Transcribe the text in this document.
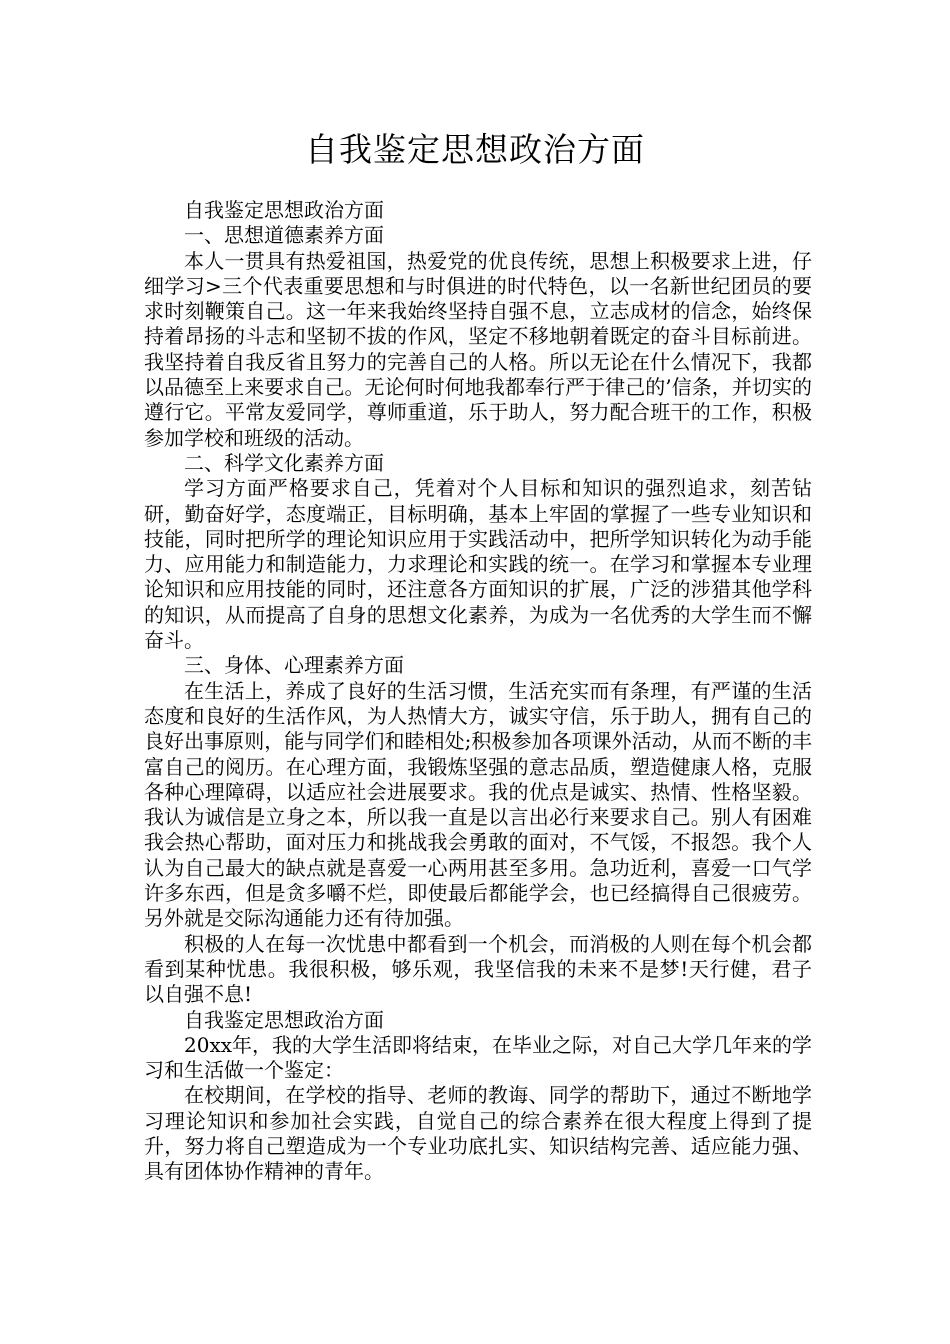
自我鉴定思想政治方面

自我鉴定思想政治方面

一、思想道德素养方面

本人一贯具有热爱祖国，热爱党的优良传统，思想上积极要求上进，仔细学习>三个代表重要思想和与时俱进的时代特色，以一名新世纪团员的要求时刻鞭策自己。这一年来我始终坚持自强不息，立志成材的信念，始终保持着昂扬的斗志和坚韧不拔的作风，坚定不移地朝着既定的奋斗目标前进。我坚持着自我反省且努力的完善自己的人格。所以无论在什么情况下，我都以品德至上来要求自己。无论何时何地我都奉行严于律己的’信条，并切实的遵行它。平常友爱同学，尊师重道，乐于助人，努力配合班干的工作，积极参加学校和班级的活动。

二、科学文化素养方面

学习方面严格要求自己，凭着对个人目标和知识的强烈追求，刻苦钻研，勤奋好学，态度端正，目标明确，基本上牢固的掌握了一些专业知识和技能，同时把所学的理论知识应用于实践活动中，把所学知识转化为动手能力、应用能力和制造能力，力求理论和实践的统一。在学习和掌握本专业理论知识和应用技能的同时，还注意各方面知识的扩展，广泛的涉猎其他学科的知识，从而提高了自身的思想文化素养，为成为一名优秀的大学生而不懈奋斗。

三、身体、心理素养方面

在生活上，养成了良好的生活习惯，生活充实而有条理，有严谨的生活态度和良好的生活作风，为人热情大方，诚实守信，乐于助人，拥有自己的良好出事原则，能与同学们和睦相处;积极参加各项课外活动，从而不断的丰富自己的阅历。在心理方面，我锻炼坚强的意志品质，塑造健康人格，克服各种心理障碍，以适应社会进展要求。我的优点是诚实、热情、性格坚毅。我认为诚信是立身之本，所以我一直是以言出必行来要求自己。别人有困难我会热心帮助，面对压力和挑战我会勇敢的面对，不气馁，不报怨。我个人认为自己最大的缺点就是喜爱一心两用甚至多用。急功近利，喜爱一口气学许多东西，但是贪多嚼不烂，即使最后都能学会，也已经搞得自己很疲劳。另外就是交际沟通能力还有待加强。

积极的人在每一次忧患中都看到一个机会，而消极的人则在每个机会都看到某种忧患。我很积极，够乐观，我坚信我的未来不是梦!天行健，君子以自强不息!

自我鉴定思想政治方面

20xx年，我的大学生活即将结束，在毕业之际，对自己大学几年来的学习和生活做一个鉴定：

在校期间，在学校的指导、老师的教诲、同学的帮助下，通过不断地学习理论知识和参加社会实践，自觉自己的综合素养在很大程度上得到了提升，努力将自己塑造成为一个专业功底扎实、知识结构完善、适应能力强、具有团体协作精神的青年。
